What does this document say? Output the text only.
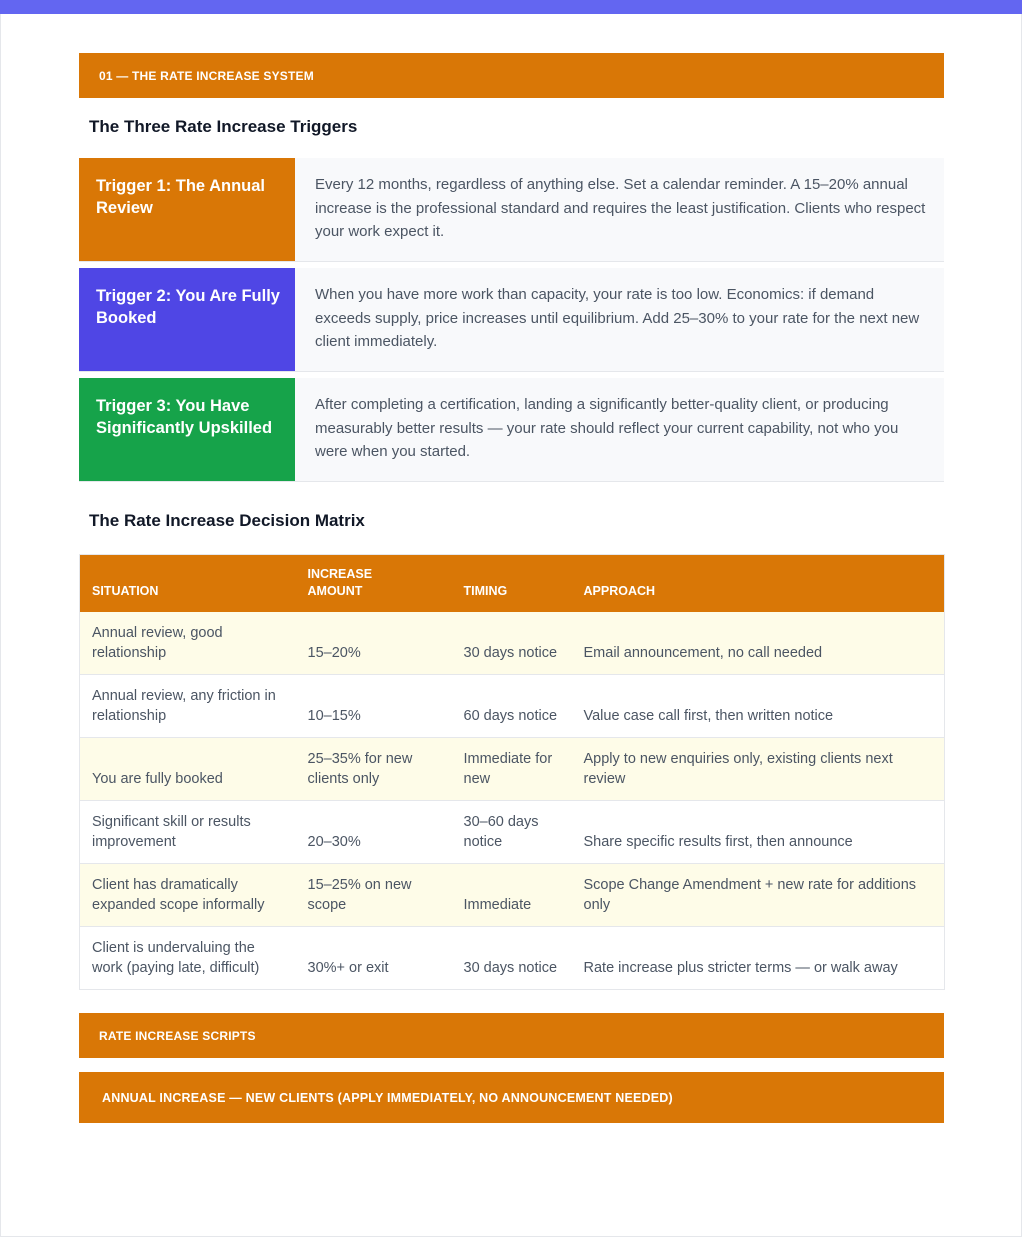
01 — THE RATE INCREASE SYSTEM
The Three Rate Increase Triggers
Trigger 1: The Annual Review
Every 12 months, regardless of anything else. Set a calendar reminder. A 15–20% annual increase is the professional standard and requires the least justification. Clients who respect your work expect it.
Trigger 2: You Are Fully Booked
When you have more work than capacity, your rate is too low. Economics: if demand exceeds supply, price increases until equilibrium. Add 25–30% to your rate for the next new client immediately.
Trigger 3: You Have Significantly Upskilled
After completing a certification, landing a significantly better-quality client, or producing measurably better results — your rate should reflect your current capability, not who you were when you started.
The Rate Increase Decision Matrix
SITUATION	INCREASE AMOUNT	TIMING	APPROACH
Annual review, good relationship	15–20%	30 days notice	Email announcement, no call needed
Annual review, any friction in relationship	10–15%	60 days notice	Value case call first, then written notice
You are fully booked	25–35% for new clients only	Immediate for new	Apply to new enquiries only, existing clients next review
Significant skill or results improvement	20–30%	30–60 days notice	Share specific results first, then announce
Client has dramatically expanded scope informally	15–25% on new scope	Immediate	Scope Change Amendment + new rate for additions only
Client is undervaluing the work (paying late, difficult)	30%+ or exit	30 days notice	Rate increase plus stricter terms — or walk away
RATE INCREASE SCRIPTS
ANNUAL INCREASE — NEW CLIENTS (APPLY IMMEDIATELY, NO ANNOUNCEMENT NEEDED)
